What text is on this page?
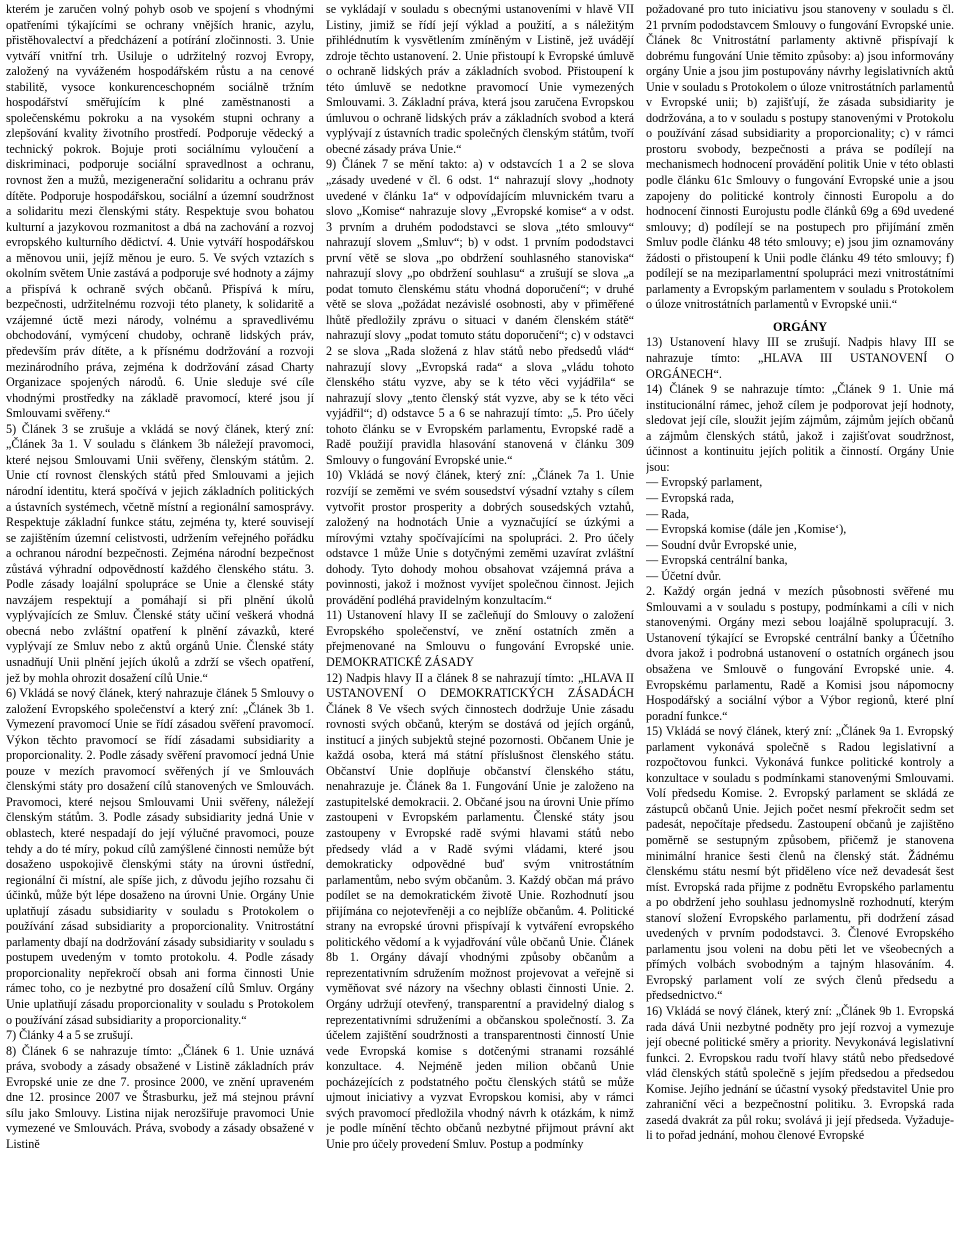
kterém je zaručen volný pohyb osob ve spojení s vhodnými opatřeními týkajícími se ochrany vnějších hranic, azylu, přistěhovalectví a předcházení a potírání zločinnosti. 3. Unie vytváří vnitřní trh. Usiluje o udržitelný rozvoj Evropy, založený na vyváženém hospodářském růstu a na cenové stabilitě, vysoce konkurenceschopném sociálně tržním hospodářství směřujícím k plné zaměstnanosti a společenskému pokroku a na vysokém stupni ochrany a zlepšování kvality životního prostředí. Podporuje vědecký a technický pokrok. Bojuje proti sociálnímu vyloučení a diskriminaci, podporuje sociální spravedlnost a ochranu, rovnost žen a mužů, mezigenerační solidaritu a ochranu práv dítěte. Podporuje hospodářskou, sociální a územní soudržnost a solidaritu mezi členskými státy. Respektuje svou bohatou kulturní a jazykovou rozmanitost a dbá na zachování a rozvoj evropského kulturního dědictví. 4. Unie vytváří hospodářskou a měnovou unii, jejíž měnou je euro. 5. Ve svých vztazích s okolním světem Unie zastává a podporuje své hodnoty a zájmy a přispívá k ochraně svých občanů. Přispívá k míru, bezpečnosti, udržitelnému rozvoji této planety, k solidaritě a vzájemné úctě mezi národy, volnému a spravedlivému obchodování, vymýcení chudoby, ochraně lidských práv, především práv dítěte, a k přísnému dodržování a rozvoji mezinárodního práva, zejména k dodržování zásad Charty Organizace spojených národů. 6. Unie sleduje své cíle vhodnými prostředky na základě pravomocí, které jsou jí Smlouvami svěřeny.“

5) Článek 3 se zrušuje a vkládá se nový článek, který zní: „Článek 3a 1. V souladu s článkem 3b náležejí pravomoci, které nejsou Smlouvami Unii svěřeny, členským státům. 2. Unie ctí rovnost členských států před Smlouvami a jejich národní identitu, která spočívá v jejich základních politických a ústavních systémech, včetně místní a regionální samosprávy. Respektuje základní funkce státu, zejména ty, které souvisejí se zajištěním územní celistvosti, udržením veřejného pořádku a ochranou národní bezpečnosti. Zejména národní bezpečnost zůstává výhradní odpovědností každého členského státu. 3. Podle zásady loajální spolupráce se Unie a členské státy navzájem respektují a pomáhají si při plnění úkolů vyplývajících ze Smluv. Členské státy učiní veškerá vhodná obecná nebo zvláštní opatření k plnění závazků, které vyplývají ze Smluv nebo z aktů orgánů Unie. Členské státy usnadňují Unii plnění jejích úkolů a zdrží se všech opatření, jež by mohla ohrozit dosažení cílů Unie.“

6) Vkládá se nový článek, který nahrazuje článek 5 Smlouvy o založení Evropského společenství a který zní: „Článek 3b 1. Vymezení pravomocí Unie se řídí zásadou svěření pravomocí. Výkon těchto pravomocí se řídí zásadami subsidiarity a proporcionality. 2. Podle zásady svěření pravomocí jedná Unie pouze v mezích pravomocí svěřených jí ve Smlouvách členskými státy pro dosažení cílů stanovených ve Smlouvách. Pravomoci, které nejsou Smlouvami Unii svěřeny, náležejí členským státům. 3. Podle zásady subsidiarity jedná Unie v oblastech, které nespadají do její výlučné pravomoci, pouze tehdy a do té míry, pokud cílů zamýšlené činnosti nemůže být dosaženo uspokojivě členskými státy na úrovni ústřední, regionální či místní, ale spíše jich, z důvodu jejího rozsahu či účinků, může být lépe dosaženo na úrovni Unie. Orgány Unie uplatňují zásadu subsidiarity v souladu s Protokolem o používání zásad subsidiarity a proporcionality. Vnitrostátní parlamenty dbají na dodržování zásady subsidiarity v souladu s postupem uvedeným v tomto protokolu. 4. Podle zásady proporcionality nepřekročí obsah ani forma činnosti Unie rámec toho, co je nezbytné pro dosažení cílů Smluv. Orgány Unie uplatňují zásadu proporcionality v souladu s Protokolem o používání zásad subsidiarity a proporcionality.“

7) Články 4 a 5 se zrušují.

8) Článek 6 se nahrazuje tímto: „Článek 6 1. Unie uznává práva, svobody a zásady obsažené v Listině základních práv Evropské unie ze dne 7. prosince 2000, ve znění upraveném dne 12. prosince 2007 ve Štrasburku, jež má stejnou právní sílu jako Smlouvy. Listina nijak nerozšiřuje pravomoci Unie vymezené ve Smlouvách. Práva, svobody a zásady obsažené v Listině

se vykládají v souladu s obecnými ustanoveními v hlavě VII Listiny, jimiž se řídí její výklad a použití, a s náležitým přihlédnutím k vysvětlením zmíněným v Listině, jež uvádějí zdroje těchto ustanovení. 2. Unie přistoupí k Evropské úmluvě o ochraně lidských práv a základních svobod. Přistoupení k této úmluvě se nedotkne pravomocí Unie vymezených Smlouvami. 3. Základní práva, která jsou zaručena Evropskou úmluvou o ochraně lidských práv a základních svobod a která vyplývají z ústavních tradic společných členským státům, tvoří obecné zásady práva Unie.“

9) Článek 7 se mění takto: a) v odstavcích 1 a 2 se slova „zásady uvedené v čl. 6 odst. 1“ nahrazují slovy „hodnoty uvedené v článku 1a“ v odpovídajícím mluvnickém tvaru a slovo „Komise“ nahrazuje slovy „Evropské komise“ a v odst. 3 prvním a druhém pododstavci se slova „této smlouvy“ nahrazují slovem „Smluv“; b) v odst. 1 prvním pododstavci první větě se slova „po obdržení souhlasného stanoviska“ nahrazují slovy „po obdržení souhlasu“ a zrušují se slova „a podat tomuto členskému státu vhodná doporučení“; v druhé větě se slova „požádat nezávislé osobnosti, aby v přiměřené lhůtě předložily zprávu o situaci v daném členském státě“ nahrazují slovy „podat tomuto státu doporučení“; c) v odstavci 2 se slova „Rada složená z hlav států nebo předsedů vlád“ nahrazují slovy „Evropská rada“ a slova „vládu tohoto členského státu vyzve, aby se k této věci vyjádřila“ se nahrazují slovy „tento členský stát vyzve, aby se k této věci vyjádřil“; d) odstavce 5 a 6 se nahrazují tímto: „5. Pro účely tohoto článku se v Evropském parlamentu, Evropské radě a Radě použijí pravidla hlasování stanovená v článku 309 Smlouvy o fungování Evropské unie.“

10) Vkládá se nový článek, který zní: „Článek 7a 1. Unie rozvíjí se zeměmi ve svém sousedství výsadní vztahy s cílem vytvořit prostor prosperity a dobrých sousedských vztahů, založený na hodnotách Unie a vyznačující se úzkými a mírovými vztahy spočívajícími na spolupráci. 2. Pro účely odstavce 1 může Unie s dotyčnými zeměmi uzavírat zvláštní dohody. Tyto dohody mohou obsahovat vzájemná práva a povinnosti, jakož i možnost vyvíjet společnou činnost. Jejich provádění podléhá pravidelným konzultacím.“

11) Ustanovení hlavy II se začleňují do Smlouvy o založení Evropského společenství, ve znění ostatních změn a přejmenované na Smlouvu o fungování Evropské unie. DEMOKRATICKÉ ZÁSADY

12) Nadpis hlavy II a článek 8 se nahrazují tímto: „HLAVA II USTANOVENÍ O DEMOKRATICKÝCH ZÁSADÁCH Článek 8 Ve všech svých činnostech dodržuje Unie zásadu rovnosti svých občanů, kterým se dostává od jejích orgánů, institucí a jiných subjektů stejné pozornosti. Občanem Unie je každá osoba, která má státní příslušnost členského státu. Občanství Unie doplňuje občanství členského státu, nenahrazuje je. Článek 8a 1. Fungování Unie je založeno na zastupitelské demokracii. 2. Občané jsou na úrovni Unie přímo zastoupeni v Evropském parlamentu. Členské státy jsou zastoupeny v Evropské radě svými hlavami států nebo předsedy vlád a v Radě svými vládami, které jsou demokraticky odpovědné buď svým vnitrostátním parlamentům, nebo svým občanům. 3. Každý občan má právo podílet se na demokratickém životě Unie. Rozhodnutí jsou přijímána co nejotevřeněji a co nejblíže občanům. 4. Politické strany na evropské úrovni přispívají k vytváření evropského politického vědomí a k vyjadřování vůle občanů Unie. Článek 8b 1. Orgány dávají vhodnými způsoby občanům a reprezentativním sdružením možnost projevovat a veřejně si vyměňovat své názory na všechny oblasti činnosti Unie. 2. Orgány udržují otevřený, transparentní a pravidelný dialog s reprezentativními sdruženími a občanskou společností. 3. Za účelem zajištění soudržnosti a transparentnosti činností Unie vede Evropská komise s dotčenými stranami rozsáhlé konzultace. 4. Nejméně jeden milion občanů Unie pocházejících z podstatného počtu členských států se může ujmout iniciativy a vyzvat Evropskou komisi, aby v rámci svých pravomocí předložila vhodný návrh k otázkám, k nimž je podle mínění těchto občanů nezbytné přijmout právní akt Unie pro účely provedení Smluv. Postup a podmínky

požadované pro tuto iniciativu jsou stanoveny v souladu s čl. 21 prvním pododstavcem Smlouvy o fungování Evropské unie. Článek 8c Vnitrostátní parlamenty aktivně přispívají k dobrému fungování Unie těmito způsoby: a) jsou informovány orgány Unie a jsou jim postupovány návrhy legislativních aktů Unie v souladu s Protokolem o úloze vnitrostátních parlamentů v Evropské unii; b) zajišťují, že zásada subsidiarity je dodržována, a to v souladu s postupy stanovenými v Protokolu o používání zásad subsidiarity a proporcionality; c) v rámci prostoru svobody, bezpečnosti a práva se podílejí na mechanismech hodnocení provádění politik Unie v této oblasti podle článku 61c Smlouvy o fungování Evropské unie a jsou zapojeny do politické kontroly činnosti Europolu a do hodnocení činnosti Eurojustu podle článků 69g a 69d uvedené smlouvy; d) podílejí se na postupech pro přijímání změn Smluv podle článku 48 této smlouvy; e) jsou jim oznamovány žádosti o přistoupení k Unii podle článku 49 této smlouvy; f) podílejí se na meziparlamentní spolupráci mezi vnitrostátními parlamenty a Evropským parlamentem v souladu s Protokolem o úloze vnitrostátních parlamentů v Evropské unii.“

ORGÁNY

13) Ustanovení hlavy III se zrušují. Nadpis hlavy III se nahrazuje tímto: „HLAVA III USTANOVENÍ O ORGÁNECH“.

14) Článek 9 se nahrazuje tímto: „Článek 9 1. Unie má institucionální rámec, jehož cílem je podporovat její hodnoty, sledovat její cíle, sloužit jejím zájmům, zájmům jejích občanů a zájmům členských států, jakož i zajišťovat soudržnost, účinnost a kontinuitu jejích politik a činností. Orgány Unie jsou:

— Evropský parlament,

— Evropská rada,

— Rada,

— Evropská komise (dále jen ‚Komise‘),

— Soudní dvůr Evropské unie,

— Evropská centrální banka,

— Účetní dvůr.

2. Každý orgán jedná v mezích působnosti svěřené mu Smlouvami a v souladu s postupy, podmínkami a cíli v nich stanovenými. Orgány mezi sebou loajálně spolupracují. 3. Ustanovení týkající se Evropské centrální banky a Účetního dvora jakož i podrobná ustanovení o ostatních orgánech jsou obsažena ve Smlouvě o fungování Evropské unie. 4. Evropskému parlamentu, Radě a Komisi jsou nápomocny Hospodářský a sociální výbor a Výbor regionů, které plní poradní funkce.“

15) Vkládá se nový článek, který zní: „Článek 9a 1. Evropský parlament vykonává společně s Radou legislativní a rozpočtovou funkci. Vykonává funkce politické kontroly a konzultace v souladu s podmínkami stanovenými Smlouvami. Volí předsedu Komise. 2. Evropský parlament se skládá ze zástupců občanů Unie. Jejich počet nesmí překročit sedm set padesát, nepočítaje předsedu. Zastoupení občanů je zajištěno poměrně se sestupným způsobem, přičemž je stanovena minimální hranice šesti členů na členský stát. Žádnému členskému státu nesmí být přiděleno více než devadesát šest míst. Evropská rada přijme z podnětu Evropského parlamentu a po obdržení jeho souhlasu jednomyslně rozhodnutí, kterým stanoví složení Evropského parlamentu, při dodržení zásad uvedených v prvním pododstavci. 3. Členové Evropského parlamentu jsou voleni na dobu pěti let ve všeobecných a přímých volbách svobodným a tajným hlasováním. 4. Evropský parlament volí ze svých členů předsedu a předsednictvo.“

16) Vkládá se nový článek, který zní: „Článek 9b 1. Evropská rada dává Unii nezbytné podněty pro její rozvoj a vymezuje její obecné politické směry a priority. Nevykonává legislativní funkci. 2. Evropskou radu tvoří hlavy států nebo předsedové vlád členských států společně s jejím předsedou a předsedou Komise. Jejího jednání se účastní vysoký představitel Unie pro zahraniční věci a bezpečnostní politiku. 3. Evropská rada zasedá dvakrát za půl roku; svolává ji její předseda. Vyžaduje-li to pořad jednání, mohou členové Evropské
